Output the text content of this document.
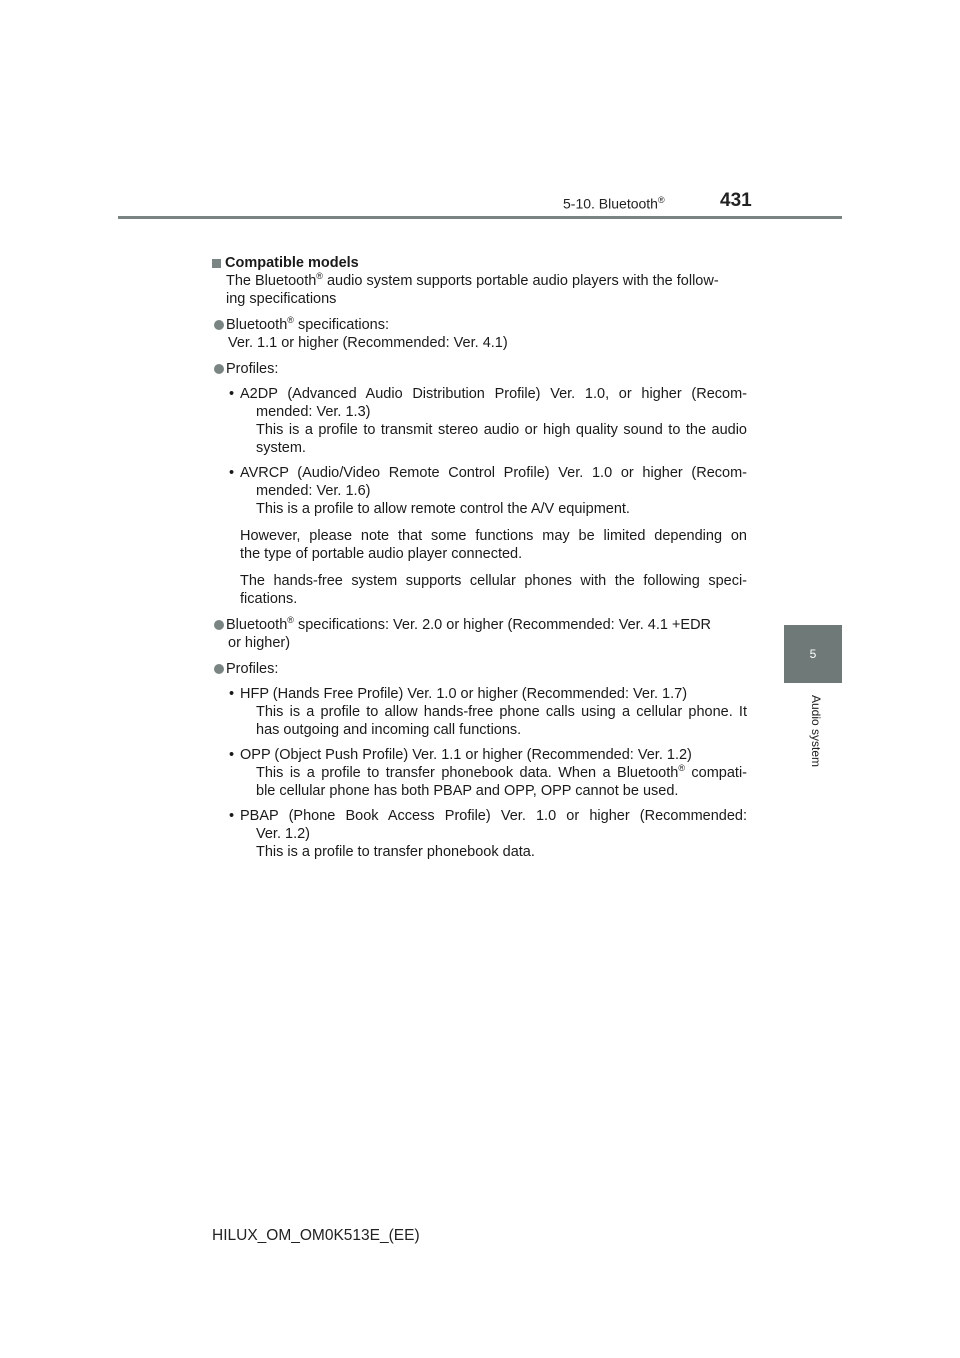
5-10. Bluetooth®	431
5
Audio system

Compatible models

The Bluetooth® audio system supports portable audio players with the follow-
ing specifications

Bluetooth® specifications:

Ver. 1.1 or higher (Recommended: Ver. 4.1)

Profiles:

• A2DP (Advanced Audio Distribution Profile) Ver. 1.0, or higher (Recom-

mended: Ver. 1.3)

This is a profile to transmit stereo audio or high quality sound to the audio

system.

• AVRCP (Audio/Video Remote Control Profile) Ver. 1.0 or higher (Recom-

mended: Ver. 1.6)

This is a profile to allow remote control the A/V equipment.

However, please note that some functions may be limited depending on

the type of portable audio player connected.

The hands-free system supports cellular phones with the following speci-

fications.

Bluetooth® specifications: Ver. 2.0 or higher (Recommended: Ver. 4.1 +EDR

or higher)

Profiles:

• HFP (Hands Free Profile) Ver. 1.0 or higher (Recommended: Ver. 1.7)

This is a profile to allow hands-free phone calls using a cellular phone. It

has outgoing and incoming call functions.

• OPP (Object Push Profile) Ver. 1.1 or higher (Recommended: Ver. 1.2)

This is a profile to transfer phonebook data. When a Bluetooth® compati-

ble cellular phone has both PBAP and OPP, OPP cannot be used.

• PBAP (Phone Book Access Profile) Ver. 1.0 or higher (Recommended:

Ver. 1.2)

This is a profile to transfer phonebook data.

HILUX_OM_OM0K513E_(EE)
